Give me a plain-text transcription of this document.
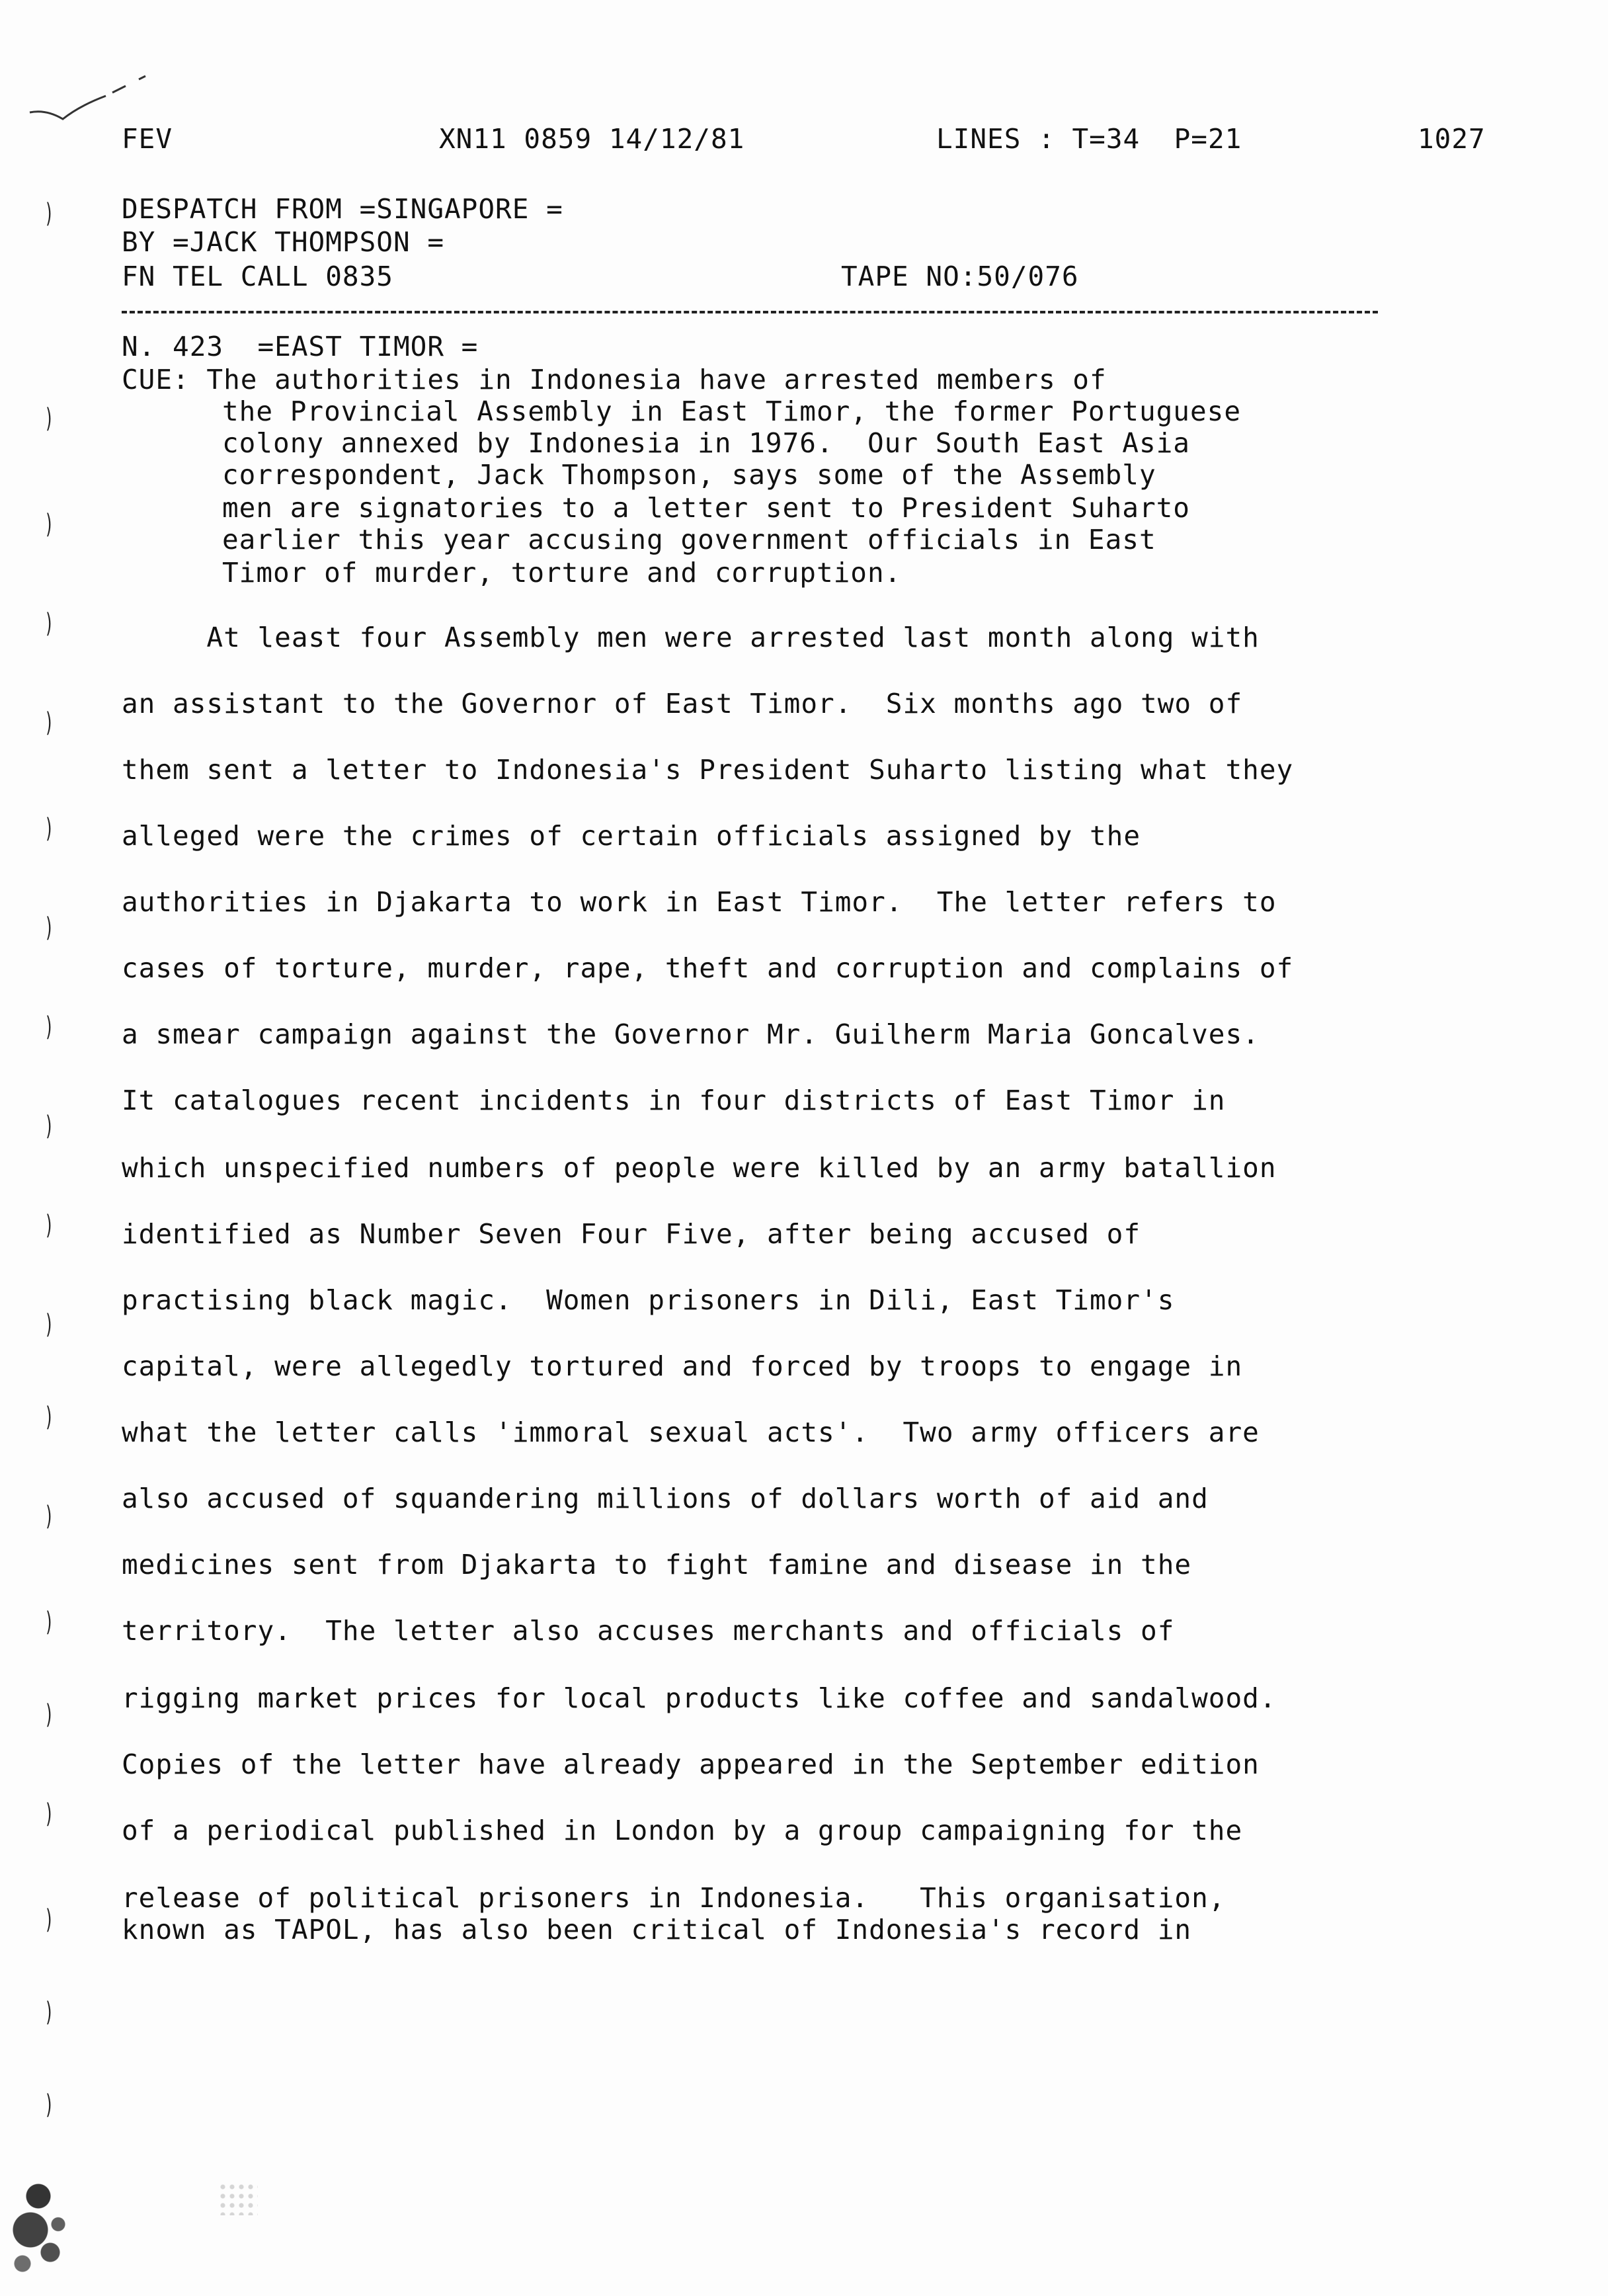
FEV	XN11 0859 14/12/81	LINES : T=34  P=21	1027
DESPATCH FROM =SINGAPORE =
BY =JACK THOMPSON =
FN TEL CALL 0835	TAPE NO:50/076
N. 423  =EAST TIMOR =
CUE: The authorities in Indonesia have arrested members of
the Provincial Assembly in East Timor, the former Portuguese
colony annexed by Indonesia in 1976.  Our South East Asia
correspondent, Jack Thompson, says some of the Assembly
men are signatories to a letter sent to President Suharto
earlier this year accusing government officials in East
Timor of murder, torture and corruption.
At least four Assembly men were arrested last month along with
an assistant to the Governor of East Timor.  Six months ago two of
them sent a letter to Indonesia's President Suharto listing what they
alleged were the crimes of certain officials assigned by the
authorities in Djakarta to work in East Timor.  The letter refers to
cases of torture, murder, rape, theft and corruption and complains of
a smear campaign against the Governor Mr. Guilherm Maria Goncalves.
It catalogues recent incidents in four districts of East Timor in
which unspecified numbers of people were killed by an army batallion
identified as Number Seven Four Five, after being accused of
practising black magic.  Women prisoners in Dili, East Timor's
capital, were allegedly tortured and forced by troops to engage in
what the letter calls 'immoral sexual acts'.  Two army officers are
also accused of squandering millions of dollars worth of aid and
medicines sent from Djakarta to fight famine and disease in the
territory.  The letter also accuses merchants and officials of
rigging market prices for local products like coffee and sandalwood.
Copies of the letter have already appeared in the September edition
of a periodical published in London by a group campaigning for the
release of political prisoners in Indonesia.   This organisation,
known as TAPOL, has also been critical of Indonesia's record in
)
)
)
)
)
)
)
)
)
)
)
)
)
)
)
)
)
)
)
